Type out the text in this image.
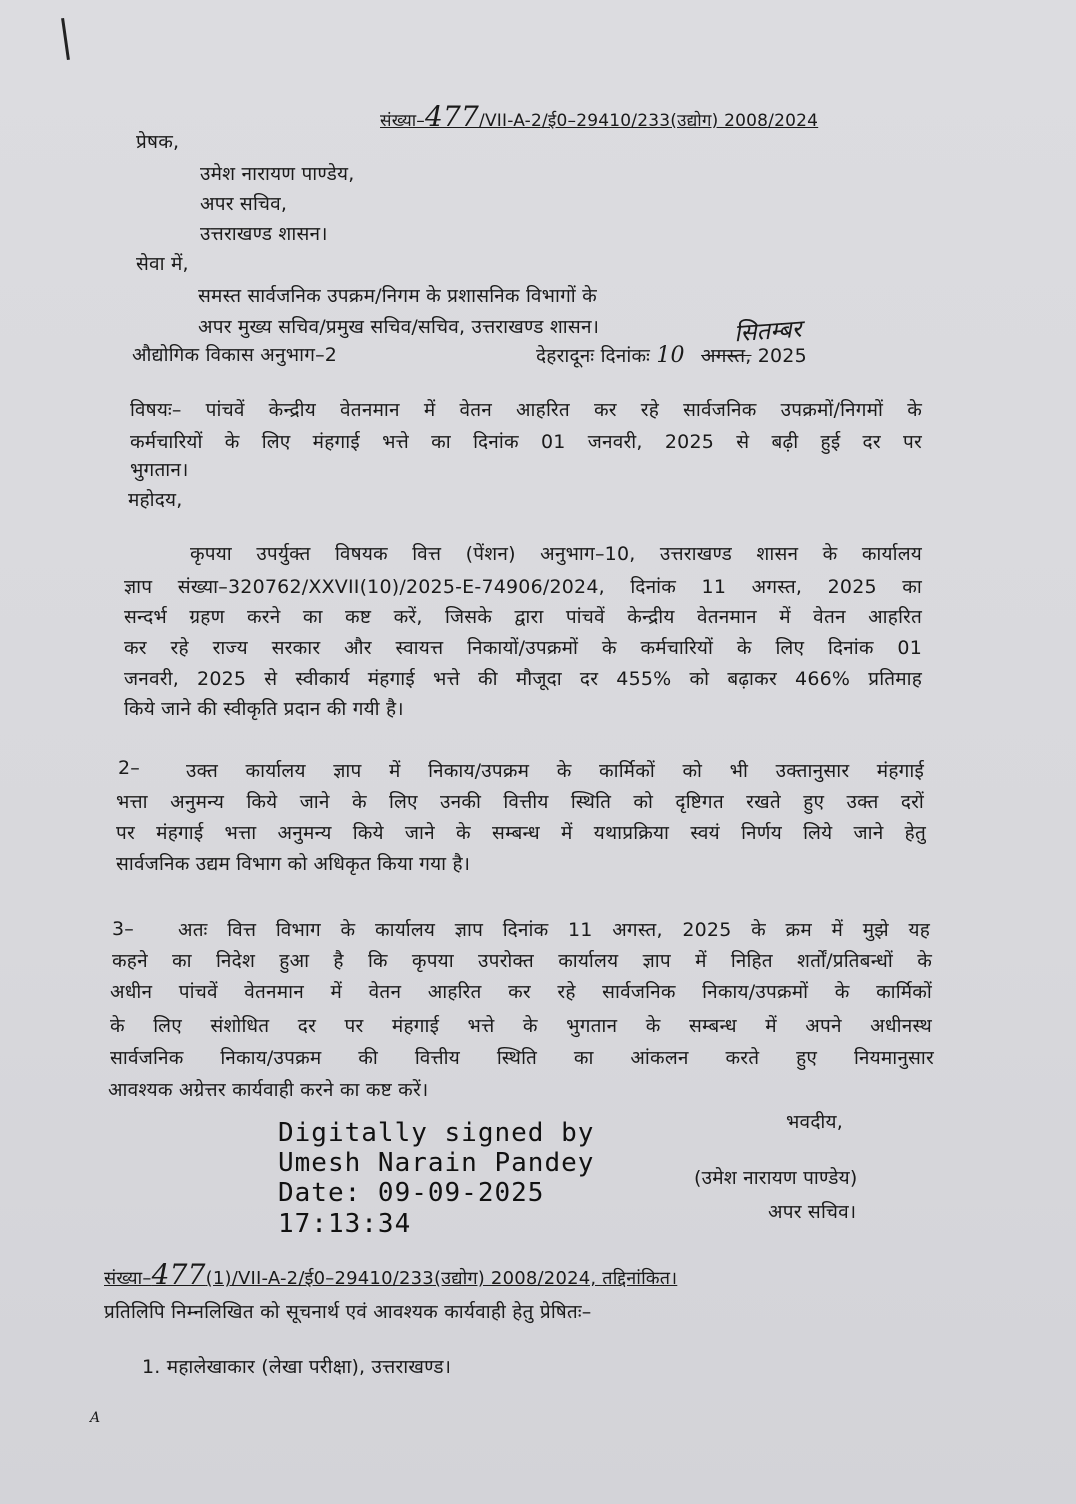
संख्या–477/VII-A-2/ई0–29410/233(उद्योग) 2008/2024
प्रेषक,
उमेश नारायण पाण्डेय,
अपर सचिव,
उत्तराखण्ड शासन।
सेवा में,
समस्त सार्वजनिक उपक्रम/निगम के प्रशासनिक विभागों के
अपर मुख्य सचिव/प्रमुख सचिव/सचिव, उत्तराखण्ड शासन।
औद्योगिक विकास अनुभाग–2	देहरादूनः दिनांकः 10 अगस्त, 2025
सितम्बर
विषयः– पांचवें केन्द्रीय वेतनमान में वेतन आहरित कर रहे सार्वजनिक उपक्रमों/निगमों के
कर्मचारियों के लिए मंहगाई भत्ते का दिनांक 01 जनवरी, 2025 से बढ़ी हुई दर पर
भुगतान।
महोदय,
कृपया उपर्युक्त विषयक वित्त (पेंशन) अनुभाग–10, उत्तराखण्ड शासन के कार्यालय
ज्ञाप संख्या–320762/XXVII(10)/2025-E-74906/2024, दिनांक 11 अगस्त, 2025 का
सन्दर्भ ग्रहण करने का कष्ट करें, जिसके द्वारा पांचवें केन्द्रीय वेतनमान में वेतन आहरित
कर रहे राज्य सरकार और स्वायत्त निकायों/उपक्रमों के कर्मचारियों के लिए दिनांक 01
जनवरी, 2025 से स्वीकार्य मंहगाई भत्ते की मौजूदा दर 455% को बढ़ाकर 466% प्रतिमाह
किये जाने की स्वीकृति प्रदान की गयी है।
2– उक्त कार्यालय ज्ञाप में निकाय/उपक्रम के कार्मिकों को भी उक्तानुसार मंहगाई
भत्ता अनुमन्य किये जाने के लिए उनकी वित्तीय स्थिति को दृष्टिगत रखते हुए उक्त दरों
पर मंहगाई भत्ता अनुमन्य किये जाने के सम्बन्ध में यथाप्रक्रिया स्वयं निर्णय लिये जाने हेतु
सार्वजनिक उद्यम विभाग को अधिकृत किया गया है।
3– अतः वित्त विभाग के कार्यालय ज्ञाप दिनांक 11 अगस्त, 2025 के क्रम में मुझे यह
कहने का निदेश हुआ है कि कृपया उपरोक्त कार्यालय ज्ञाप में निहित शर्तों/प्रतिबन्धों के
अधीन पांचवें वेतनमान में वेतन आहरित कर रहे सार्वजनिक निकाय/उपक्रमों के कार्मिकों
के लिए संशोधित दर पर मंहगाई भत्ते के भुगतान के सम्बन्ध में अपने अधीनस्थ
सार्वजनिक निकाय/उपक्रम की वित्तीय स्थिति का आंकलन करते हुए नियमानुसार
आवश्यक अग्रेत्तर कार्यवाही करने का कष्ट करें।
भवदीय,
(उमेश नारायण पाण्डेय)
अपर सचिव।
Digitally signed by
Umesh Narain Pandey
Date: 09-09-2025
17:13:34
संख्या–477(1)/VII-A-2/ई0–29410/233(उद्योग) 2008/2024, तद्दिनांकित।
प्रतिलिपि निम्नलिखित को सूचनार्थ एवं आवश्यक कार्यवाही हेतु प्रेषितः–
1. महालेखाकार (लेखा परीक्षा), उत्तराखण्ड।
A
